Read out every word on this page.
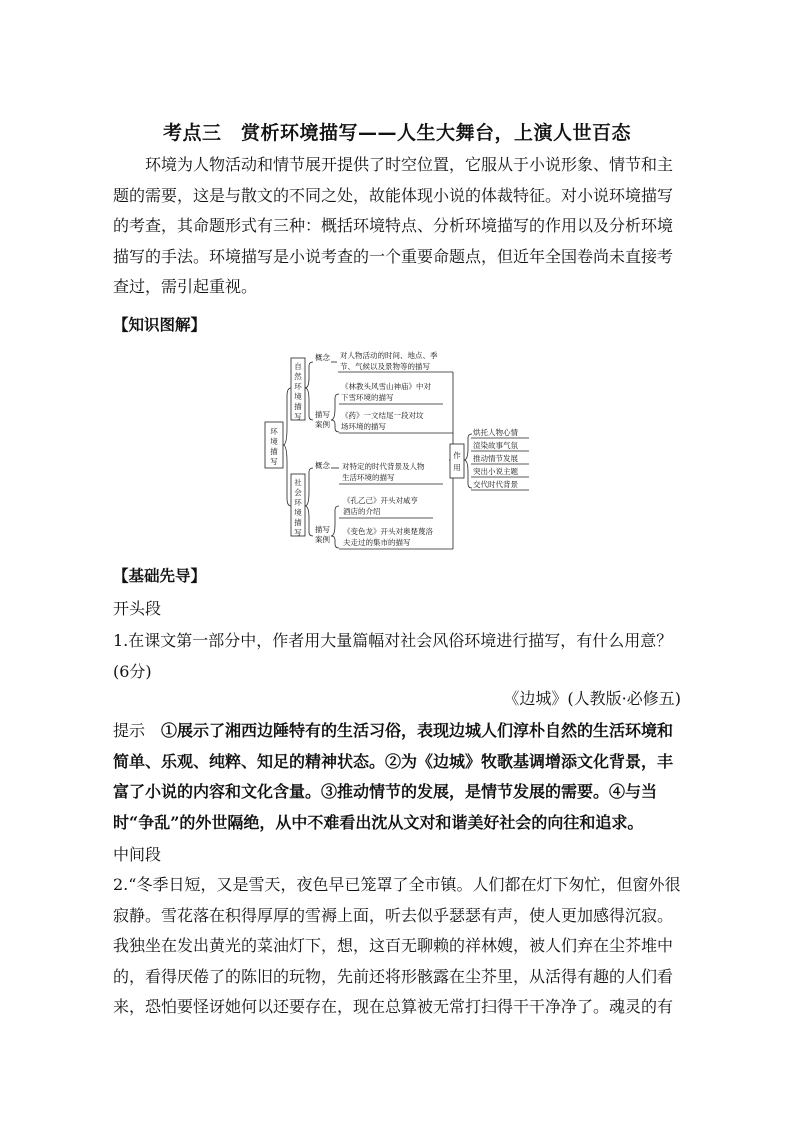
考点三　赏析环境描写——人生大舞台，上演人世百态

环境为人物活动和情节展开提供了时空位置，它服从于小说形象、情节和主题的需要，这是与散文的不同之处，故能体现小说的体裁特征。对小说环境描写的考查，其命题形式有三种：概括环境特点、分析环境描写的作用以及分析环境描写的手法。环境描写是小说考查的一个重要命题点，但近年全国卷尚未直接考查过，需引起重视。

【知识图解】
环
境
描
写
自
然
环
境
描
写
概念 对人物活动的时间、地点、季
节、气候以及景物等的描写
描写
案例
《林教头风雪山神庙》中对
下雪环境的描写
《药》一文结尾一段对坟
场环境的描写
社
会
环
境
描
写
概念 对特定的时代背景及人物
生活环境的描写
描写
案例
《孔乙己》开头对咸亨
酒店的介绍
《变色龙》开头对奥楚蔑洛
夫走过的集市的描写
作
用
烘托人物心情
渲染故事气氛
推动情节发展
突出小说主题
交代时代背景
【基础先导】
开头段

1.在课文第一部分中，作者用大量篇幅对社会风俗环境进行描写，有什么用意？(6分)

《边城》(人教版·必修五)

提示　①展示了湘西边陲特有的生活习俗，表现边城人们淳朴自然的生活环境和简单、乐观、纯粹、知足的精神状态。②为《边城》牧歌基调增添文化背景，丰富了小说的内容和文化含量。③推动情节的发展，是情节发展的需要。④与当时“争乱”的外世隔绝，从中不难看出沈从文对和谐美好社会的向往和追求。

中间段

2.“冬季日短，又是雪天，夜色早已笼罩了全市镇。人们都在灯下匆忙，但窗外很寂静。雪花落在积得厚厚的雪褥上面，听去似乎瑟瑟有声，使人更加感得沉寂。我独坐在发出黄光的菜油灯下，想，这百无聊赖的祥林嫂，被人们弃在尘芥堆中的，看得厌倦了的陈旧的玩物，先前还将形骸露在尘芥里，从活得有趣的人们看来，恐怕要怪讶她何以还要存在，现在总算被无常打扫得干干净净了。魂灵的有
